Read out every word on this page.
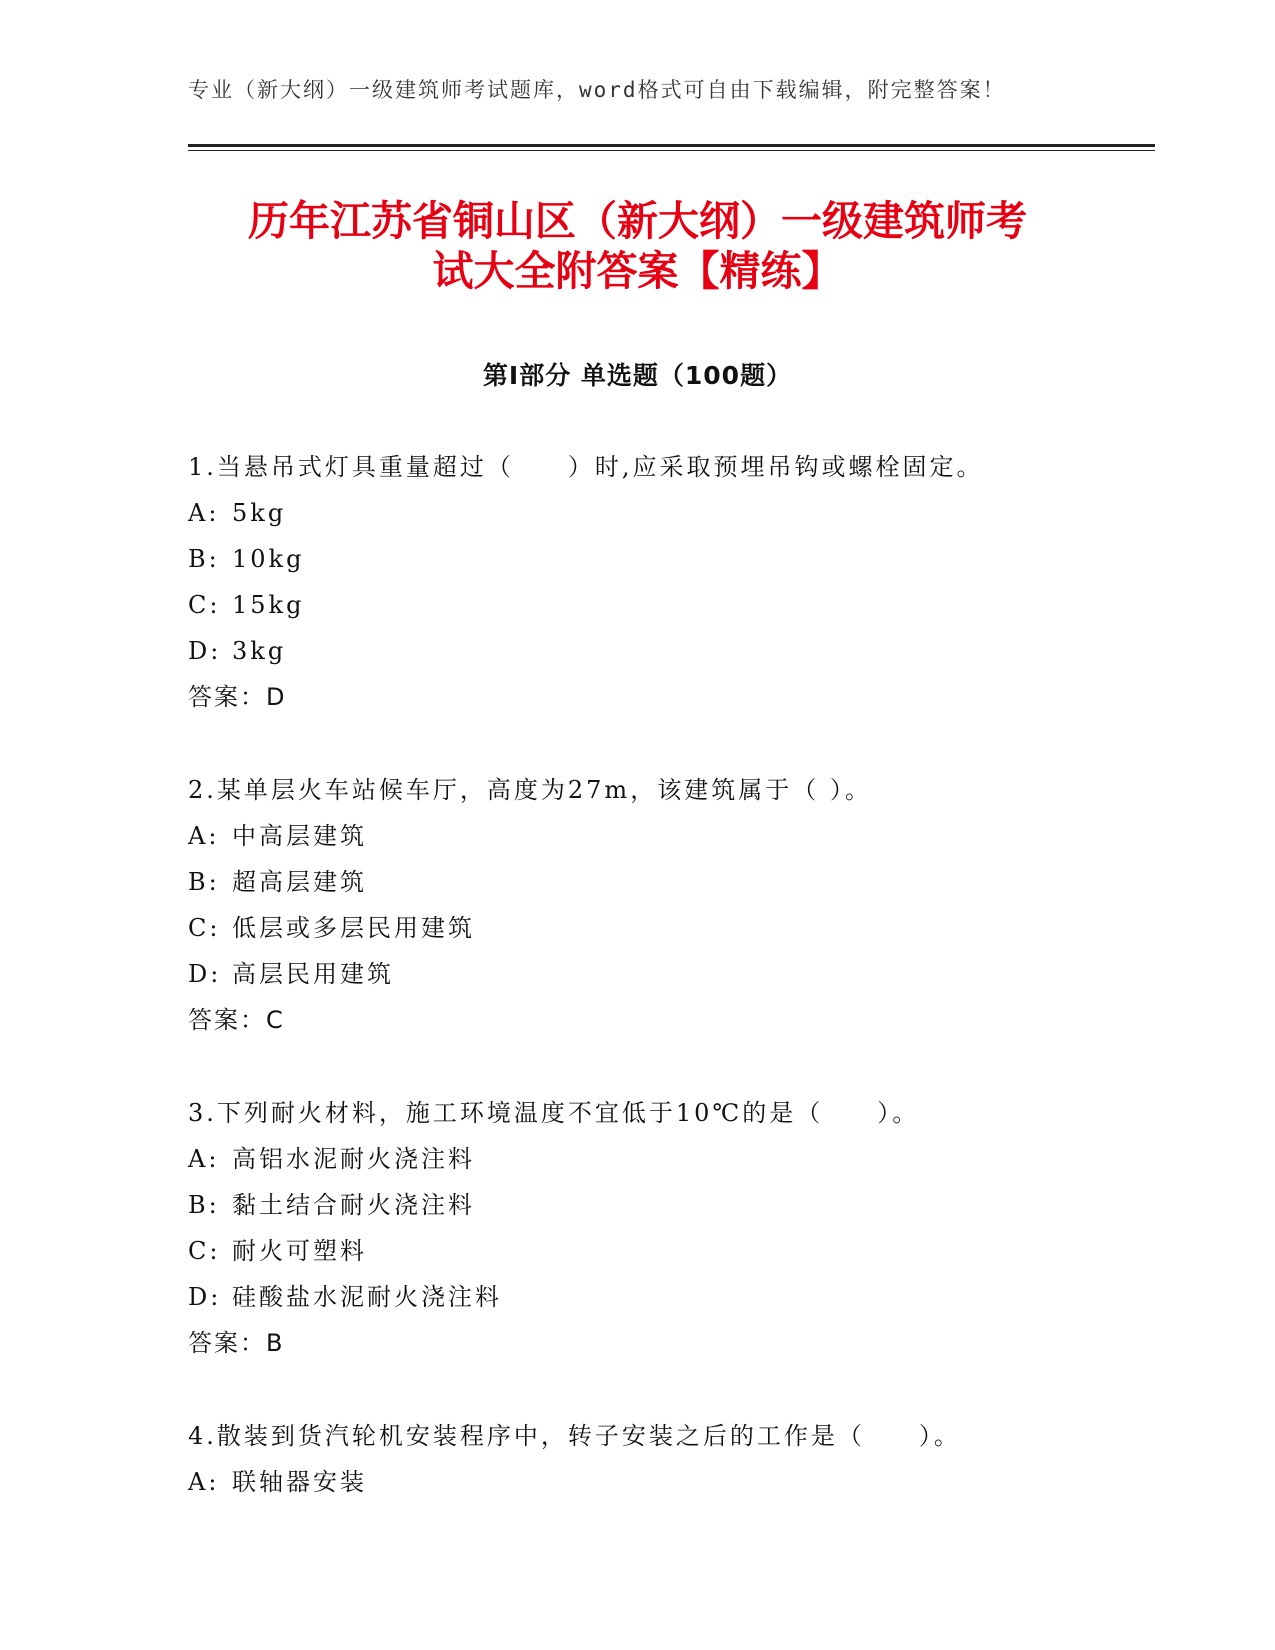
专业（新大纲）一级建筑师考试题库，word格式可自由下载编辑，附完整答案！
历年江苏省铜山区（新大纲）一级建筑师考
试大全附答案【精练】
第Ⅰ部分 单选题（100题）
1.当悬吊式灯具重量超过（　　）时,应采取预埋吊钩或螺栓固定。
A: 5kg
B: 10kg
C: 15kg
D: 3kg
答案：D
2.某单层火车站候车厅，高度为27m，该建筑属于（ ）。
A: 中高层建筑
B: 超高层建筑
C: 低层或多层民用建筑
D: 高层民用建筑
答案：C
3.下列耐火材料，施工环境温度不宜低于10℃的是（　　）。
A: 高铝水泥耐火浇注料
B: 黏土结合耐火浇注料
C: 耐火可塑料
D: 硅酸盐水泥耐火浇注料
答案：B
4.散装到货汽轮机安装程序中，转子安装之后的工作是（　　）。
A: 联轴器安装
